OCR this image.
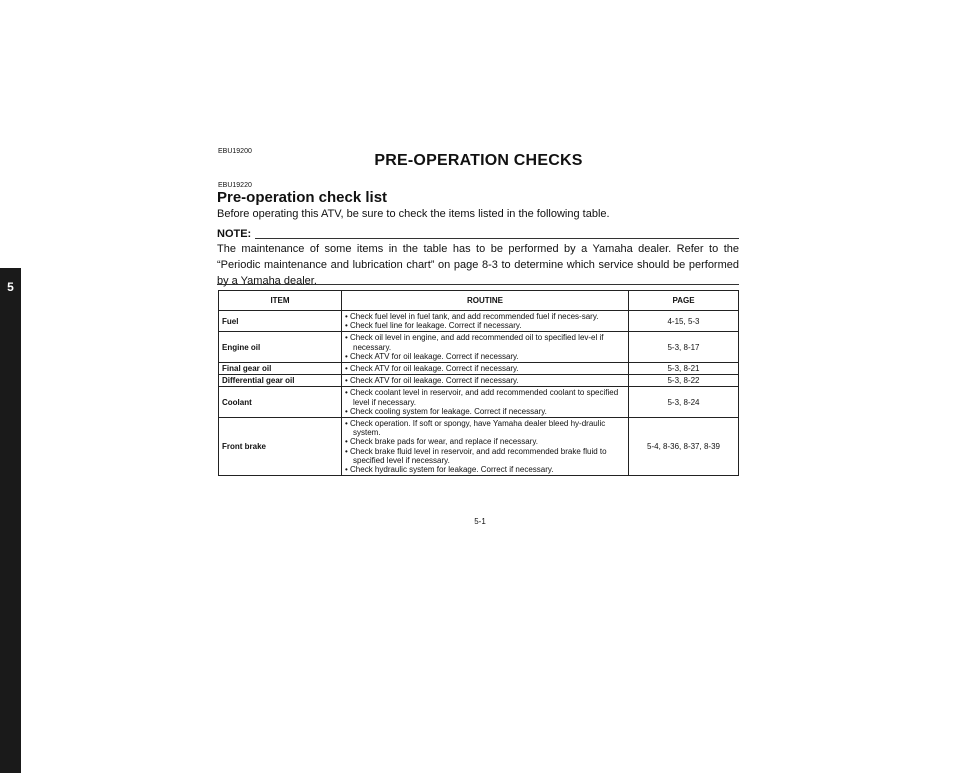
5
EBU19200
PRE-OPERATION CHECKS
EBU19220
Pre-operation check list
Before operating this ATV, be sure to check the items listed in the following table.
NOTE:
The maintenance of some items in the table has to be performed by a Yamaha dealer. Refer to the “Periodic maintenance and lubrication chart” on page 8-3 to determine which service should be performed by a Yamaha dealer.
ITEM	ROUTINE	PAGE
Fuel	• Check fuel level in fuel tank, and add recommended fuel if neces-sary.
• Check fuel line for leakage. Correct if necessary.	4-15, 5-3
Engine oil	• Check oil level in engine, and add recommended oil to specified lev-el if necessary.
• Check ATV for oil leakage. Correct if necessary.	5-3, 8-17
Final gear oil	• Check ATV for oil leakage. Correct if necessary.	5-3, 8-21
Differential gear oil	• Check ATV for oil leakage. Correct if necessary.	5-3, 8-22
Coolant	• Check coolant level in reservoir, and add recommended coolant to specified level if necessary.
• Check cooling system for leakage. Correct if necessary.	5-3, 8-24
Front brake	• Check operation. If soft or spongy, have Yamaha dealer bleed hy-draulic system.
• Check brake pads for wear, and replace if necessary.
• Check brake fluid level in reservoir, and add recommended brake fluid to specified level if necessary.
• Check hydraulic system for leakage. Correct if necessary.	5-4, 8-36, 8-37, 8-39
5-1
